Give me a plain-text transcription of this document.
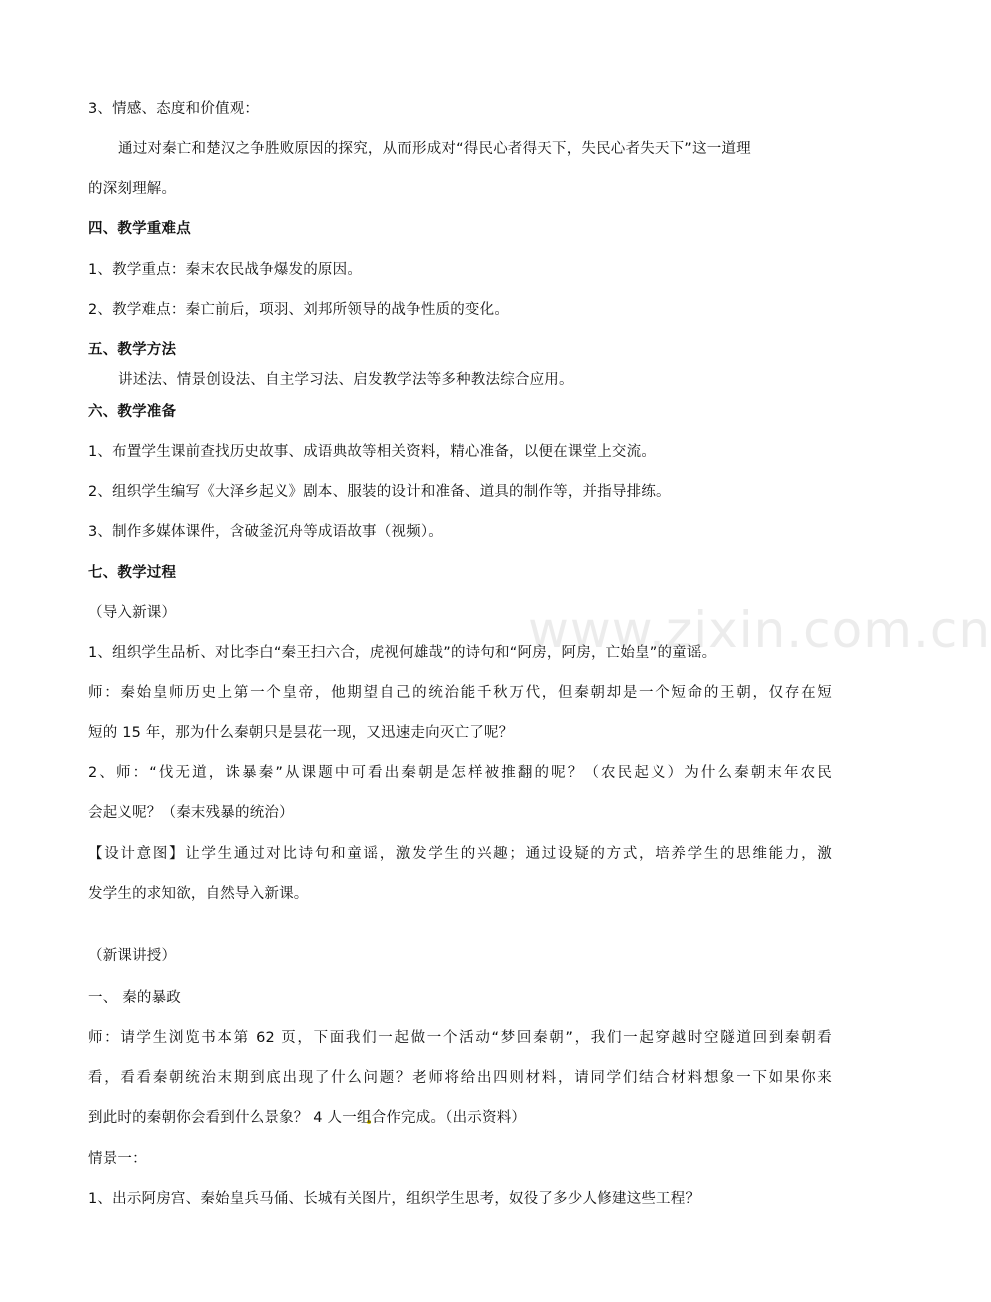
www.zixin.com.cn
3、情感、态度和价值观：
通过对秦亡和楚汉之争胜败原因的探究，从而形成对“得民心者得天下，失民心者失天下”这一道理
的深刻理解。
四、教学重难点
1、教学重点：秦末农民战争爆发的原因。
2、教学难点：秦亡前后，项羽、刘邦所领导的战争性质的变化。
五、教学方法
讲述法、情景创设法、自主学习法、启发教学法等多种教法综合应用。
六、教学准备
1、布置学生课前查找历史故事、成语典故等相关资料，精心准备，以便在课堂上交流。
2、组织学生编写《大泽乡起义》剧本、服装的设计和准备、道具的制作等，并指导排练。
3、制作多媒体课件，含破釜沉舟等成语故事（视频）。
七、教学过程
（导入新课）
1、组织学生品析、对比李白“秦王扫六合，虎视何雄哉”的诗句和“阿房，阿房，亡始皇”的童谣。
师：秦始皇师历史上第一个皇帝，他期望自己的统治能千秋万代，但秦朝却是一个短命的王朝，仅存在短
短的 15 年，那为什么秦朝只是昙花一现，又迅速走向灭亡了呢？
2、师：“伐无道，诛暴秦”从课题中可看出秦朝是怎样被推翻的呢？（农民起义）为什么秦朝末年农民
会起义呢？（秦末残暴的统治）
【设计意图】让学生通过对比诗句和童谣，激发学生的兴趣；通过设疑的方式，培养学生的思维能力，激
发学生的求知欲，自然导入新课。
（新课讲授）
一、 秦的暴政
师：请学生浏览书本第 62 页，下面我们一起做一个活动“梦回秦朝”，我们一起穿越时空隧道回到秦朝看
看，看看秦朝统治末期到底出现了什么问题？老师将给出四则材料，请同学们结合材料想象一下如果你来
到此时的秦朝你会看到什么景象？ 4 人一组合作完成。（出示资料）
情景一：
1、出示阿房宫、秦始皇兵马俑、长城有关图片，组织学生思考，奴役了多少人修建这些工程？
